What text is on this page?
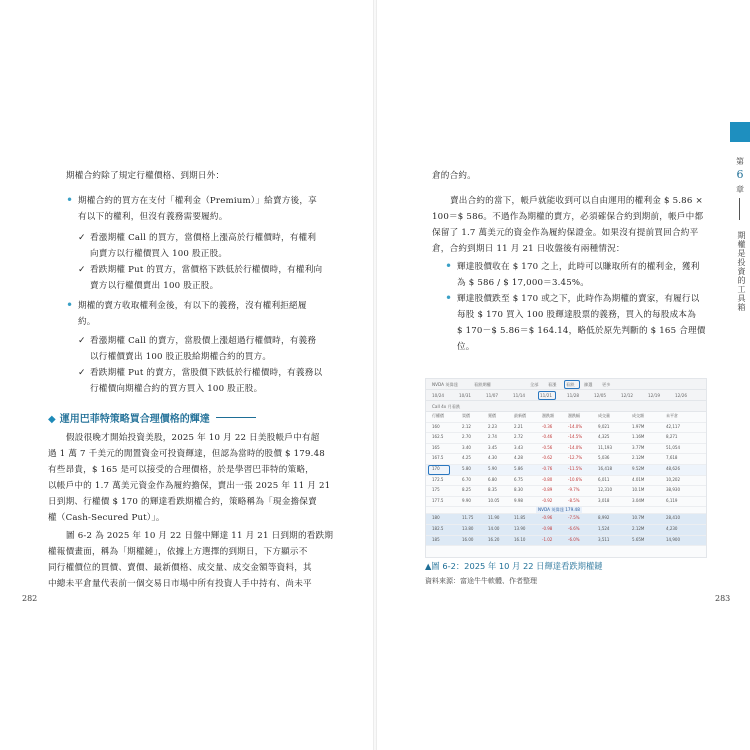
期權合約除了規定行權價格、到期日外：
• 期權合約的買方在支付「權利金（Premium）」給賣方後，享
有以下的權利，但沒有義務需要履約。
✓ 看漲期權 Call 的買方，當價格上漲高於行權價時，有權利
向賣方以行權價買入 100 股正股。
✓ 看跌期權 Put 的買方，當價格下跌低於行權價時，有權利向
賣方以行權價賣出 100 股正股。
• 期權的賣方收取權利金後，有以下的義務，沒有權利拒絕履
約。
✓ 看漲期權 Call 的賣方，當股價上漲超過行權價時，有義務
以行權價賣出 100 股正股給期權合約的買方。
✓ 看跌期權 Put 的賣方，當股價下跌低於行權價時，有義務以
行權價向期權合約的買方買入 100 股正股。
◆ 運用巴菲特策略買合理價格的輝達
假設很晚才開始投資美股，2025 年 10 月 22 日美股帳戶中有超
過 1 萬 7 千美元的閒置資金可投資輝達，但認為當時的股價 $ 179.48
有些昂貴，$ 165 是可以接受的合理價格，於是學習巴菲特的策略，
以帳戶中的 1.7 萬美元資金作為履約擔保，賣出一張 2025 年 11 月 21
日到期、行權價 $ 170 的輝達看跌期權合約，策略稱為「現金擔保賣
權（Cash-Secured Put）」。
圖 6-2 為 2025 年 10 月 22 日盤中輝達 11 月 21 日到期的看跌期
權報價畫面，稱為「期權鏈」，依據上方選擇的到期日，下方顯示不
同行權價位的買價、賣價、最新價格、成交量、成交金額等資料，其
中總未平倉量代表前一個交易日市場中所有投資人手中持有、尚未平
282
倉的合約。
賣出合約的當下，帳戶就能收到可以自由運用的權利金 $ 5.86 ×
100＝$ 586。不過作為期權的賣方，必須確保合約到期前，帳戶中都
保留了 1.7 萬美元的資金作為履約保證金。如果沒有提前買回合約平
倉，合約到期日 11 月 21 日收盤後有兩種情況：
• 輝達股價收在 $ 170 之上，此時可以賺取所有的權利金，獲利
為 $ 586 / $ 17,000＝3.45%。
• 輝達股價跌至 $ 170 或之下，此時作為期權的賣家，有履行以
每股 $ 170 買入 100 股輝達股票的義務，買入的每股成本為
$ 170－$ 5.86＝$ 164.14，略低於原先判斷的 $ 165 合理價
位。
▲圖 6-2：2025 年 10 月 22 日輝達看跌期權鏈
資料來源：富途牛牛軟體、作者整理
283
第
6
章
期權是投資的工具箱
NVDA 英偉達	看跌期權	全部 看漲 看跌 篩選 更多
10/24	10/31	11/07	11/14	11/21	11/28	12/05	12/12	12/19	12/26
Call 4x 月看跌
行權價	買價	賣價	最新價	漲跌額	漲跌幅	成交量	成交額	未平倉
160	2.12	2.23	2.21	-0.36	-14.0%	9,021	1.97M	42,117
162.5	2.70	2.74	2.72	-0.46	-14.5%	4,325	1.16M	8,271
165	3.40	3.45	3.43	-0.56	-14.0%	11,193	3.77M	51,054
167.5	4.25	4.30	4.28	-0.62	-12.7%	5,036	2.12M	7,618
170	5.80	5.90	5.86	-0.76	-11.5%	16,418	9.52M	48,626
172.5	6.70	6.80	6.75	-0.80	-10.6%	6,011	4.01M	10,202
175	8.25	8.35	8.30	-0.89	-9.7%	12,310	10.1M	38,930
177.5	9.90	10.05	9.98	-0.92	-8.5%	3,018	3.04M	6,119
NVDA 英偉達 179.48
180	11.75	11.90	11.85	-0.96	-7.5%	8,992	10.7M	28,410
182.5	13.80	14.00	13.90	-0.98	-6.6%	1,524	2.12M	4,230
185	16.00	16.20	16.10	-1.02	-6.0%	3,511	5.65M	14,900
